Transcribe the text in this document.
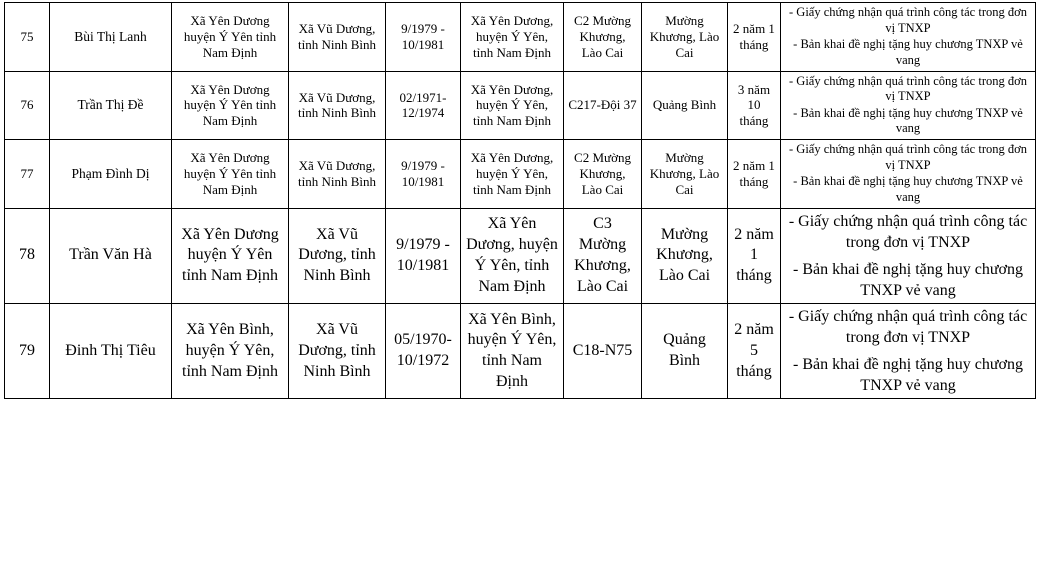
75	Bùi Thị Lanh	Xã Yên Dương huyện Ý Yên tỉnh Nam Định	Xã Vũ Dương, tỉnh Ninh Bình	9/1979 - 10/1981	Xã Yên Dương, huyện Ý Yên, tỉnh Nam Định	C2 Mường Khương, Lào Cai	Mường Khương, Lào Cai	2 năm 1 tháng	- Giấy chứng nhận quá trình công tác trong đơn vị TNXP
- Bản khai đề nghị tặng huy chương TNXP vẻ vang

76	Trần Thị Đề	Xã Yên Dương huyện Ý Yên tỉnh Nam Định	Xã Vũ Dương, tỉnh Ninh Bình	02/1971-12/1974	Xã Yên Dương, huyện Ý Yên, tỉnh Nam Định	C217-Đội 37	Quảng Bình	3 năm 10 tháng	- Giấy chứng nhận quá trình công tác trong đơn vị TNXP
- Bản khai đề nghị tặng huy chương TNXP vẻ vang

77	Phạm Đình Dị	Xã Yên Dương huyện Ý Yên tỉnh Nam Định	Xã Vũ Dương, tỉnh Ninh Bình	9/1979 - 10/1981	Xã Yên Dương, huyện Ý Yên, tỉnh Nam Định	C2 Mường Khương, Lào Cai	Mường Khương, Lào Cai	2 năm 1 tháng	- Giấy chứng nhận quá trình công tác trong đơn vị TNXP
- Bản khai đề nghị tặng huy chương TNXP vẻ vang

78	Trần Văn Hà	Xã Yên Dương huyện Ý Yên tỉnh Nam Định	Xã Vũ Dương, tỉnh Ninh Bình	9/1979 - 10/1981	Xã Yên Dương, huyện Ý Yên, tỉnh Nam Định	C3 Mường Khương, Lào Cai	Mường Khương, Lào Cai	2 năm 1 tháng	- Giấy chứng nhận quá trình công tác trong đơn vị TNXP
- Bản khai đề nghị tặng huy chương TNXP vẻ vang

79	Đinh Thị Tiêu	Xã Yên Bình, huyện Ý Yên, tỉnh Nam Định	Xã Vũ Dương, tỉnh Ninh Bình	05/1970-10/1972	Xã Yên Bình, huyện Ý Yên, tỉnh Nam Định	C18-N75	Quảng Bình	2 năm 5 tháng	- Giấy chứng nhận quá trình công tác trong đơn vị TNXP
- Bản khai đề nghị tặng huy chương TNXP vẻ vang
